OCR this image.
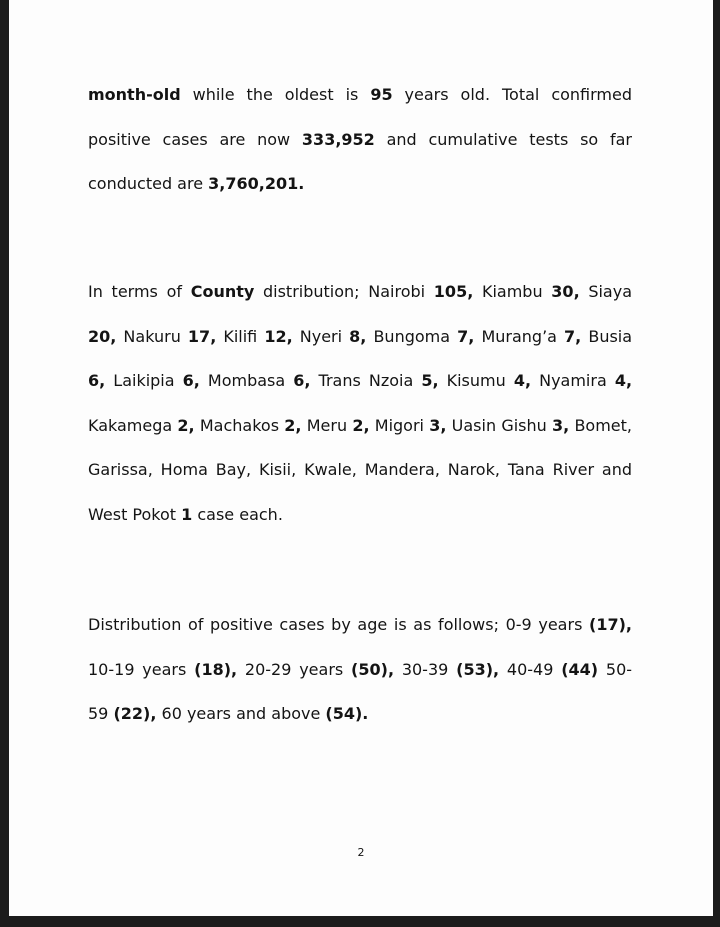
month-old while the oldest is 95 years old. Total confirmed
positive cases are now 333,952 and cumulative tests so far
conducted are 3,760,201.
In terms of County distribution; Nairobi 105, Kiambu 30, Siaya
20, Nakuru 17, Kilifi 12, Nyeri 8, Bungoma 7, Murang’a 7, Busia
6, Laikipia 6, Mombasa 6, Trans Nzoia 5, Kisumu 4, Nyamira 4,
Kakamega 2, Machakos 2, Meru 2, Migori 3, Uasin Gishu 3, Bomet,
Garissa, Homa Bay, Kisii, Kwale, Mandera, Narok, Tana River and
West Pokot 1 case each.
Distribution of positive cases by age is as follows; 0-9 years (17),
10-19 years (18), 20-29 years (50), 30-39 (53), 40-49 (44) 50-
59 (22), 60 years and above (54).
2
